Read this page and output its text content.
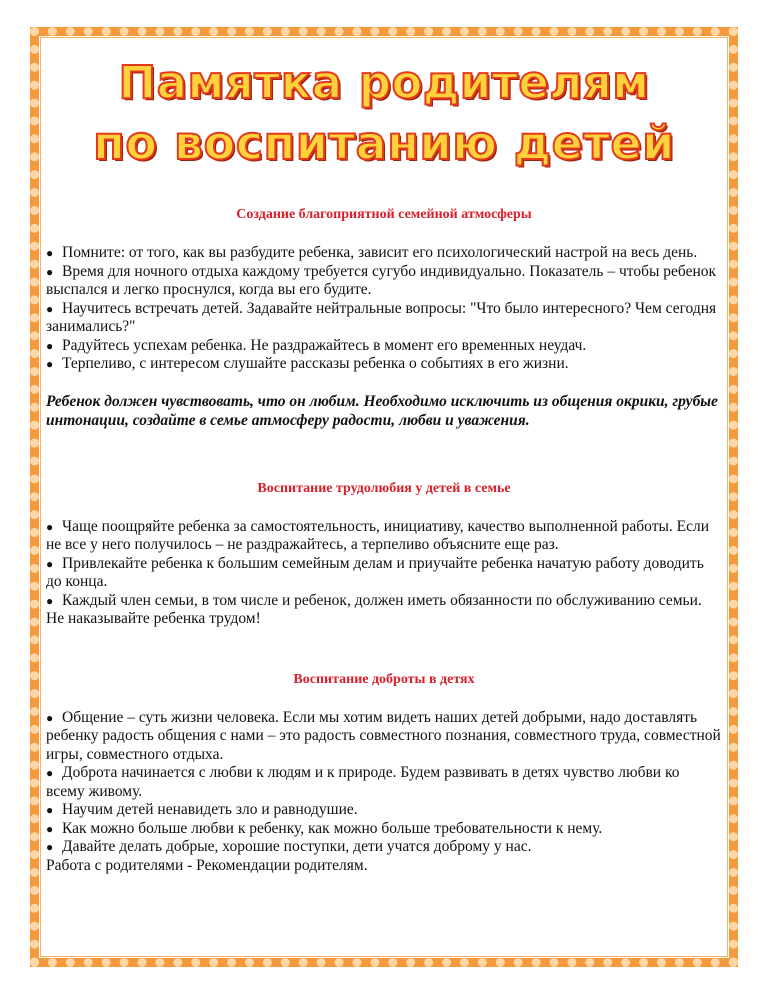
Памятка родителям
по воспитанию детей
Создание благоприятной семейной атмосферы
● Помните: от того, как вы разбудите ребенка, зависит его психологический настрой на весь день.
● Время для ночного отдыха каждому требуется сугубо индивидуально. Показатель – чтобы ребенок выспался и легко проснулся, когда вы его будите.
● Научитесь встречать детей. Задавайте нейтральные вопросы: "Что было интересного? Чем сегодня занимались?"
● Радуйтесь успехам ребенка. Не раздражайтесь в момент его временных неудач.
● Терпеливо, с интересом слушайте рассказы ребенка о событиях в его жизни.
Ребенок должен чувствовать, что он любим. Необходимо исключить из общения окрики, грубые интонации, создайте в семье атмосферу радости, любви и уважения.
Воспитание трудолюбия у детей в семье
● Чаще поощряйте ребенка за самостоятельность, инициативу, качество выполненной работы. Если не все у него получилось – не раздражайтесь, а терпеливо объясните еще раз.
● Привлекайте ребенка к большим семейным делам и приучайте ребенка начатую работу доводить до конца.
● Каждый член семьи, в том числе и ребенок, должен иметь обязанности по обслуживанию семьи. Не наказывайте ребенка трудом!
Воспитание доброты в детях
● Общение – суть жизни человека. Если мы хотим видеть наших детей добрыми, надо доставлять ребенку радость общения с нами – это радость совместного познания, совместного труда, совместной игры, совместного отдыха.
● Доброта начинается с любви к людям и к природе. Будем развивать в детях чувство любви ко всему живому.
● Научим детей ненавидеть зло и равнодушие.
● Как можно больше любви к ребенку, как можно больше требовательности к нему.
● Давайте делать добрые, хорошие поступки, дети учатся доброму у нас.
Работа с родителями - Рекомендации родителям.
